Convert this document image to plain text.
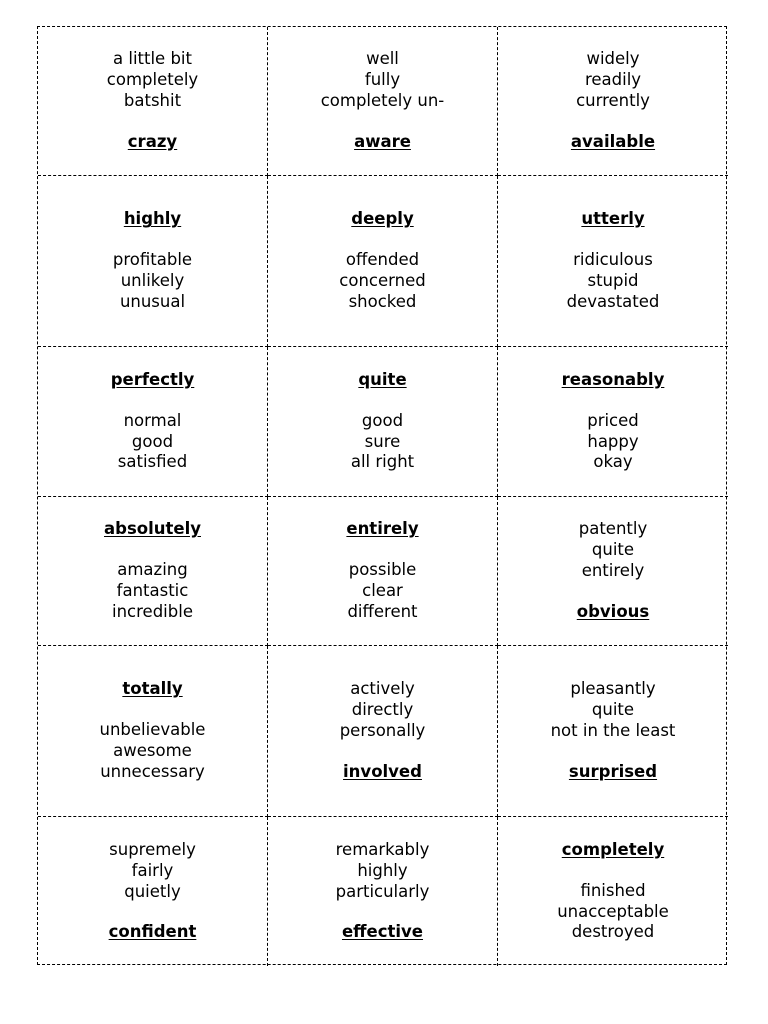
a little bit
completely
batshit
crazy
well
fully
completely un-
aware
widely
readily
currently
available
highly
profitable
unlikely
unusual
deeply
offended
concerned
shocked
utterly
ridiculous
stupid
devastated
perfectly
normal
good
satisfied
quite
good
sure
all right
reasonably
priced
happy
okay
absolutely
amazing
fantastic
incredible
entirely
possible
clear
different
patently
quite
entirely
obvious
totally
unbelievable
awesome
unnecessary
actively
directly
personally
involved
pleasantly
quite
not in the least
surprised
supremely
fairly
quietly
confident
remarkably
highly
particularly
effective
completely
finished
unacceptable
destroyed
